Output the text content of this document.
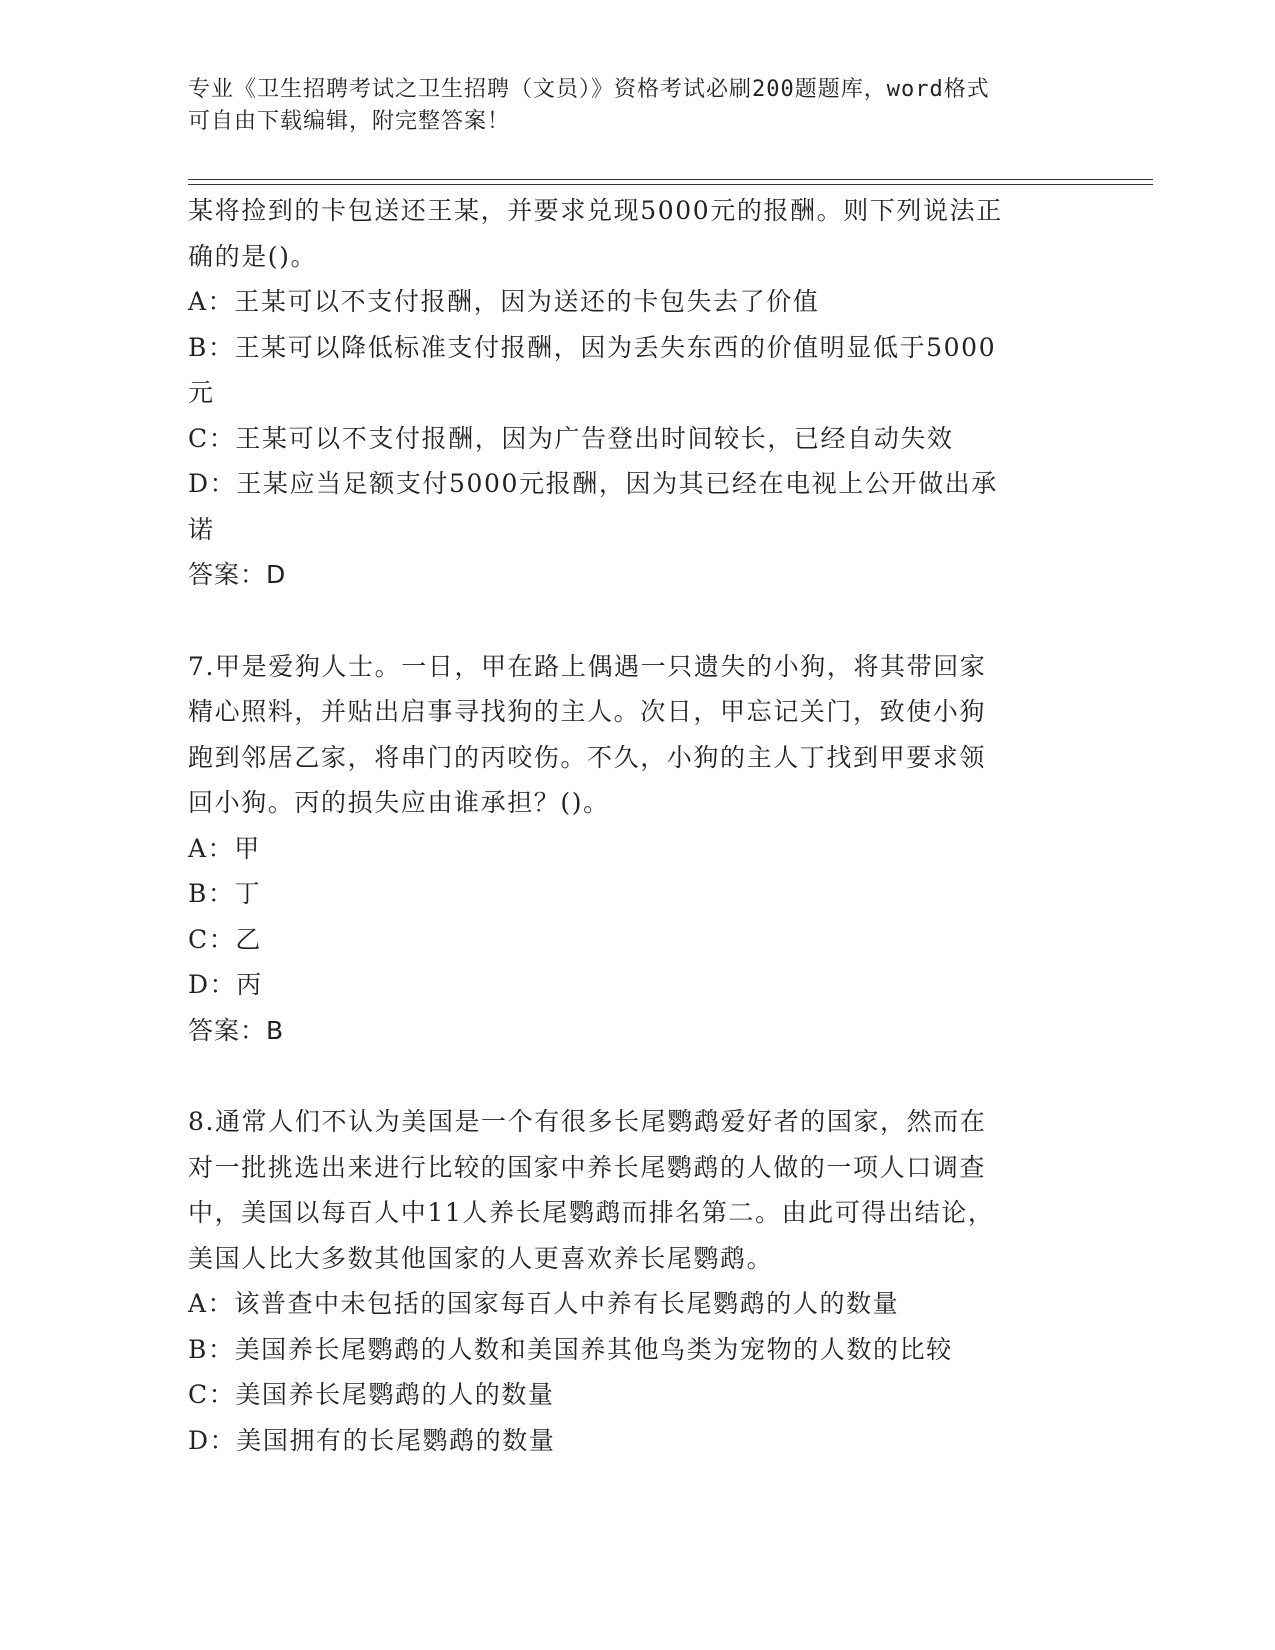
专业《卫生招聘考试之卫生招聘（文员）》资格考试必刷200题题库，word格式
可自由下载编辑，附完整答案！
某将捡到的卡包送还王某，并要求兑现5000元的报酬。则下列说法正
确的是()。
A：王某可以不支付报酬，因为送还的卡包失去了价值
B：王某可以降低标准支付报酬，因为丢失东西的价值明显低于5000
元
C：王某可以不支付报酬，因为广告登出时间较长，已经自动失效
D：王某应当足额支付5000元报酬，因为其已经在电视上公开做出承
诺
答案：D
7.甲是爱狗人士。一日，甲在路上偶遇一只遗失的小狗，将其带回家
精心照料，并贴出启事寻找狗的主人。次日，甲忘记关门，致使小狗
跑到邻居乙家，将串门的丙咬伤。不久，小狗的主人丁找到甲要求领
回小狗。丙的损失应由谁承担？()。
A：甲
B：丁
C：乙
D：丙
答案：B
8.通常人们不认为美国是一个有很多长尾鹦鹉爱好者的国家，然而在
对一批挑选出来进行比较的国家中养长尾鹦鹉的人做的一项人口调查
中，美国以每百人中11人养长尾鹦鹉而排名第二。由此可得出结论，
美国人比大多数其他国家的人更喜欢养长尾鹦鹉。
A：该普查中未包括的国家每百人中养有长尾鹦鹉的人的数量
B：美国养长尾鹦鹉的人数和美国养其他鸟类为宠物的人数的比较
C：美国养长尾鹦鹉的人的数量
D：美国拥有的长尾鹦鹉的数量
